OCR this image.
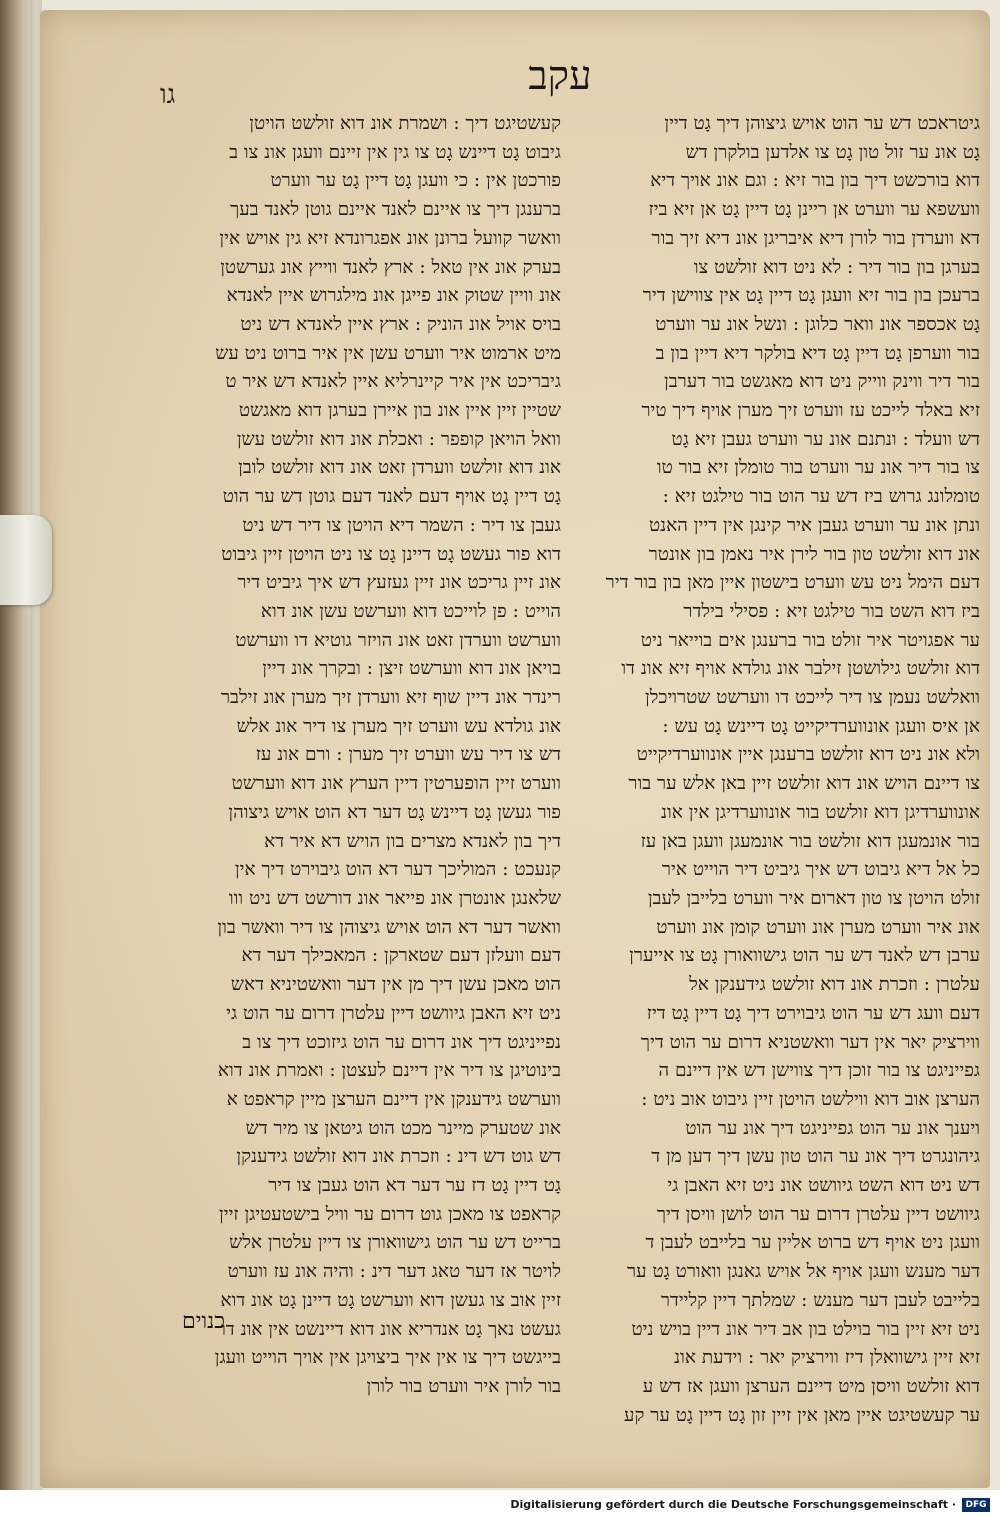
עקב
גו

קעשטיגט דיך : ושמרת אונ דוא זולשט הויטן

גיבוט גָט דיינש גָט צו גין אין זיינם וועגן אונ צו ב

פורכטן אין : כי וועגן גָט דיין גָט ער ווערט

ברענגן דיך צו איינם לאנד איינם גוטן לאנד בעך

וואשר קוועל ברונן אונ אפגרונדא זיא גין אויש אין

בערק אונ אין טאל : ארץ לאנד ווייץ אונ גערשטן

אונ וויין שטוק אונ פייגן אונ מילגרוש איין לאנדא

בויס אויל אונ הוניק : ארץ איין לאנדא דש ניט

מיט ארמוט איר ווערט עשן אין איר ברוט ניט עש

גיבריכט אין איר קיינרליא איין לאנדא דש איר ט

שטיין זיין איין אונ בון איירן בערגן דוא מאגשט

וואל הויאן קופפר : ואכלת אונ דוא זולשט עשן

אונ דוא זולשט ווערדן זאט אונ דוא זולשט לובן

גָט דיין גָט אויף דעם לאנד דעם גוטן דש ער הוט

געבן צו דיר : השמר דיא הויטן צו דיר דש ניט

דוא פור געשט גָט דיינן גָט צו ניט הויטן זיין גיבוט

אונ זיין גריכט אונ זיין געזעץ דש איך גיביט דיר

הוייט : פן לוייכט דוא ווערשט עשן אונ דוא

ווערשט ווערדן זאט אונ הויזר גוטיא דו ווערשט

בויאן אונ דוא ווערשט זיצן : ובקרך אונ דיין

רינדר אונ דיין שוף זיא ווערדן זיך מערן אונ זילבר

אונ גולדא עש ווערט זיך מערן צו דיר אונ אלש

דש צו דיר עש ווערט זיך מערן : ורם אונ עז

ווערט זיין הופערטין דיין הערץ אונ דוא ווערשט

פור געשן גָט דיינש גָט דער דא הוט אויש גיצוהן

דיך בון לאנדא מצרים בון הויש דא איר דא

קנעכט : המוליכך דער דא הוט גיבוירט דיך אין

שלאנגן אונטרן אונ פייאר אונ דורשט דש ניט ווו

וואשר דער דא הוט אויש גיצוהן צו דיר וואשר בון

דעם וועלזן דעם שטארקן : המאכילך דער דא

הוט מאכן עשן דיך מן אין דער וואשטיניא דאש

ניט זיא האבן גיוושט דיין עלטרן דרום ער הוט גי

נפייניגט דיך אונ דרום ער הוט גיזוכט דיך צו ב

בינוטיגן צו דיר אין דיינם לעצטן : ואמרת אונ דוא

ווערשט גידענקן אין דיינם הערצן מיין קראפט א

אונ שטערק מיינר מכט הוט גיטאן צו מיר דש

דש גוט דש דינ : וזכרת אונ דוא זולשט גידענקן

גָט דיין גָט דז ער דער דא הוט געבן צו דיר

קראפט צו מאכן גוט דרום ער וויל בישטעטיגן זיין

ברייט דש ער הוט גישוואורן צו דיין עלטרן אלש

לויטר אז דער טאג דער דינ : והיה אונ עז ווערט

זיין אוב צו געשן דוא ווערשט גָט דיינן גָט אונ דוא

געשט נאך גָט אנדריא אונ דוא דיינשט אין אונ דו

בייגשט דיך צו אין איך ביצויגן אין אויך הוייט וועגן

בור לורן איר ווערט בור לורן

גיטראכט דש ער הוט אויש גיצוהן דיך גָט דיין

גָט אונ ער זול טון גָט צו אלדען בולקרן דש

דוא בורכשט דיך בון בור זיא : וגם אונ אויך דיא

וועשפא ער ווערט אן ריינן גָט דיין גָט אן זיא ביז

דא ווערדן בור לורן דיא איבריגן אונ דיא זיך בור

בערגן בון בור דיר : לא ניט דוא זולשט צו

ברעכן בון בור זיא וועגן גָט דיין גָט אין צווישן דיר

גָט אכספר אונ וואר כלוגן : ונשל אונ ער ווערט

בור ווערפן גָט דיין גָט דיא בולקר דיא דיין בון ב

בור דיר ווינק ווייק ניט דוא מאגשט בור דערבן

זיא באלד לייכט עז ווערט זיך מערן אויף דיך טיר

דש וועלד : ונתנם אונ ער ווערט געבן זיא גָט

צו בור דיר אונ ער ווערט בור טומלן זיא בור טו

טומלונג גרוש ביז דש ער הוט בור טילגט זיא :

ונתן אונ ער ווערט געבן איר קינגן אין דיין האנט

אונ דוא זולשט טון בור לירן איר נאמן בון אונטר

דעם הימל ניט עש ווערט בישטון איין מאן בון בור דיר

ביז דוא השט בור טילגט זיא : פסילי בילדר

ער אפגויטר איר זולט בור ברענגן אים בוייאר ניט

דוא זולשט גילושטן זילבר אונ גולדא אויף זיא אונ דו

וואלשט נעמן צו דיר לייכט דו ווערשט שטרויכלן

אן איס וועגן אונווערדיקייט גָט דיינש גָט עש :

ולא אונ ניט דוא זולשט ברענגן איין אונווערדיקייט

צו דיינם הויש אונ דוא זולשט זיין באן אלש ער בור

אונווערדיגן דוא זולשט בור אונווערדיגן אין אונ

בור אונמעגן דוא זולשט בור אונמעגן וועגן באן עז

כל אל דיא גיבוט דש איך גיביט דיר הוייט איר

זולט הויטן צו טון דארום איר ווערט בלייבן לעבן

אונ איר ווערט מערן אונ ווערט קומן אונ ווערט

ערבן דש לאנד דש ער הוט גישוואורן גָט צו אייערן

עלטרן : וזכרת אונ דוא זולשט גידענקן אל

דעם וועג דש ער הוט גיבוירט דיך גָט דיין גָט דיז

ווירציק יאר אין דער וואשטניא דרום ער הוט דיך

גפייניגט צו בור זוכן דיך צווישן דש אין דיינם ה

הערצן אוב דוא ווילשט הויטן זיין גיבוט אוב ניט :

ויענך אונ ער הוט גפייניגט דיך אונ ער הוט

גיהונגרט דיך אונ ער הוט טון עשן דיך דען מן ד

דש ניט דוא השט גיוושט אונ ניט זיא האבן גי

גיוושט דיין עלטרן דרום ער הוט לושן וויסן דיך

וועגן ניט אויף דש ברוט אליין ער בלייבט לעבן ד

דער מענש וועגן אויף אל אויש גאנגן וואורט גָט ער

בלייבט לעבן דער מענש : שמלתך דיין קליידר

ניט זיא זיין בור בוילט בון אב דיר אונ דיין בויש ניט

זיא זיין גישוואלן דיז ווירציק יאר : וידעת אונ

דוא זולשט וויסן מיט דיינם הערצן וועגן אז דש ע

ער קעשטיגט איין מאן אין זיין זון גָט דיין גָט ער קע

כנוים
Digitalisierung gefördert durch die Deutsche Forschungsgemeinschaft ·	DFG
